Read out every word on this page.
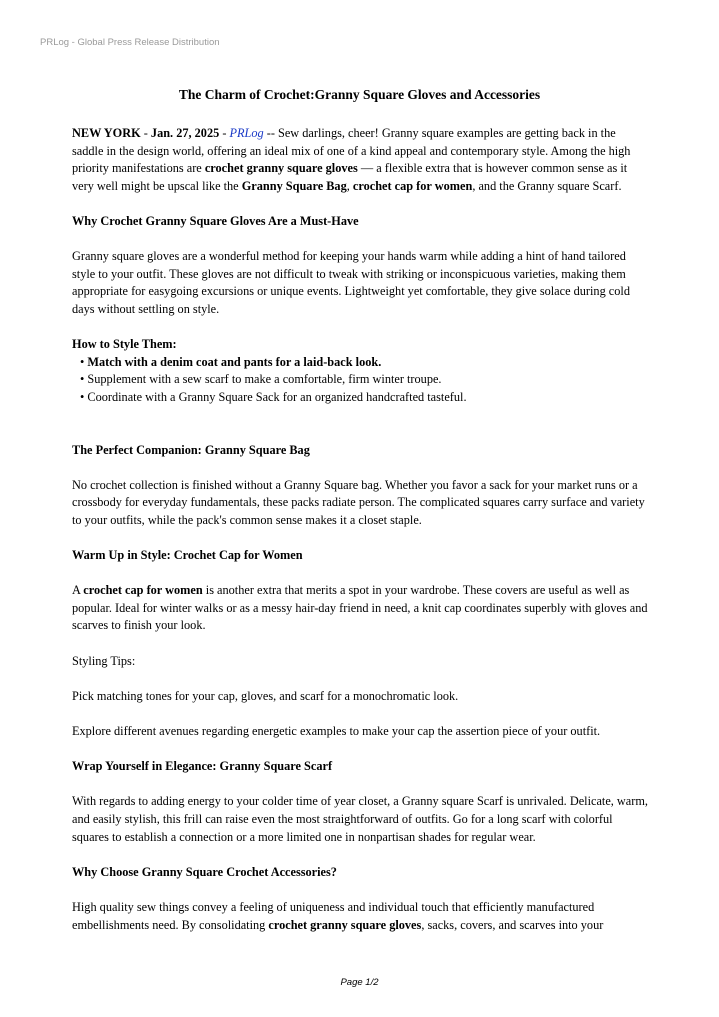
PRLog - Global Press Release Distribution
The Charm of Crochet:Granny Square Gloves and Accessories

NEW YORK - Jan. 27, 2025 - PRLog -- Sew darlings, cheer! Granny square examples are getting back in the saddle in the design world, offering an ideal mix of one of a kind appeal and contemporary style. Among the high priority manifestations are crochet granny square gloves — a flexible extra that is however common sense as it very well might be upscal like the Granny Square Bag, crochet cap for women, and the Granny square Scarf.

Why Crochet Granny Square Gloves Are a Must-Have

Granny square gloves are a wonderful method for keeping your hands warm while adding a hint of hand tailored style to your outfit. These gloves are not difficult to tweak with striking or inconspicuous varieties, making them appropriate for easygoing excursions or unique events. Lightweight yet comfortable, they give solace during cold days without settling on style.

How to Style Them:
• Match with a denim coat and pants for a laid-back look.
• Supplement with a sew scarf to make a comfortable, firm winter troupe.
• Coordinate with a Granny Square Sack for an organized handcrafted tasteful.
The Perfect Companion: Granny Square Bag

No crochet collection is finished without a Granny Square bag. Whether you favor a sack for your market runs or a crossbody for everyday fundamentals, these packs radiate person. The complicated squares carry surface and variety to your outfits, while the pack's common sense makes it a closet staple.

Warm Up in Style: Crochet Cap for Women

A crochet cap for women is another extra that merits a spot in your wardrobe. These covers are useful as well as popular. Ideal for winter walks or as a messy hair-day friend in need, a knit cap coordinates superbly with gloves and scarves to finish your look.

Styling Tips:

Pick matching tones for your cap, gloves, and scarf for a monochromatic look.

Explore different avenues regarding energetic examples to make your cap the assertion piece of your outfit.

Wrap Yourself in Elegance: Granny Square Scarf

With regards to adding energy to your colder time of year closet, a Granny square Scarf is unrivaled. Delicate, warm, and easily stylish, this frill can raise even the most straightforward of outfits. Go for a long scarf with colorful squares to establish a connection or a more limited one in nonpartisan shades for regular wear.

Why Choose Granny Square Crochet Accessories?

High quality sew things convey a feeling of uniqueness and individual touch that efficiently manufactured embellishments need. By consolidating crochet granny square gloves, sacks, covers, and scarves into your

Page 1/2
